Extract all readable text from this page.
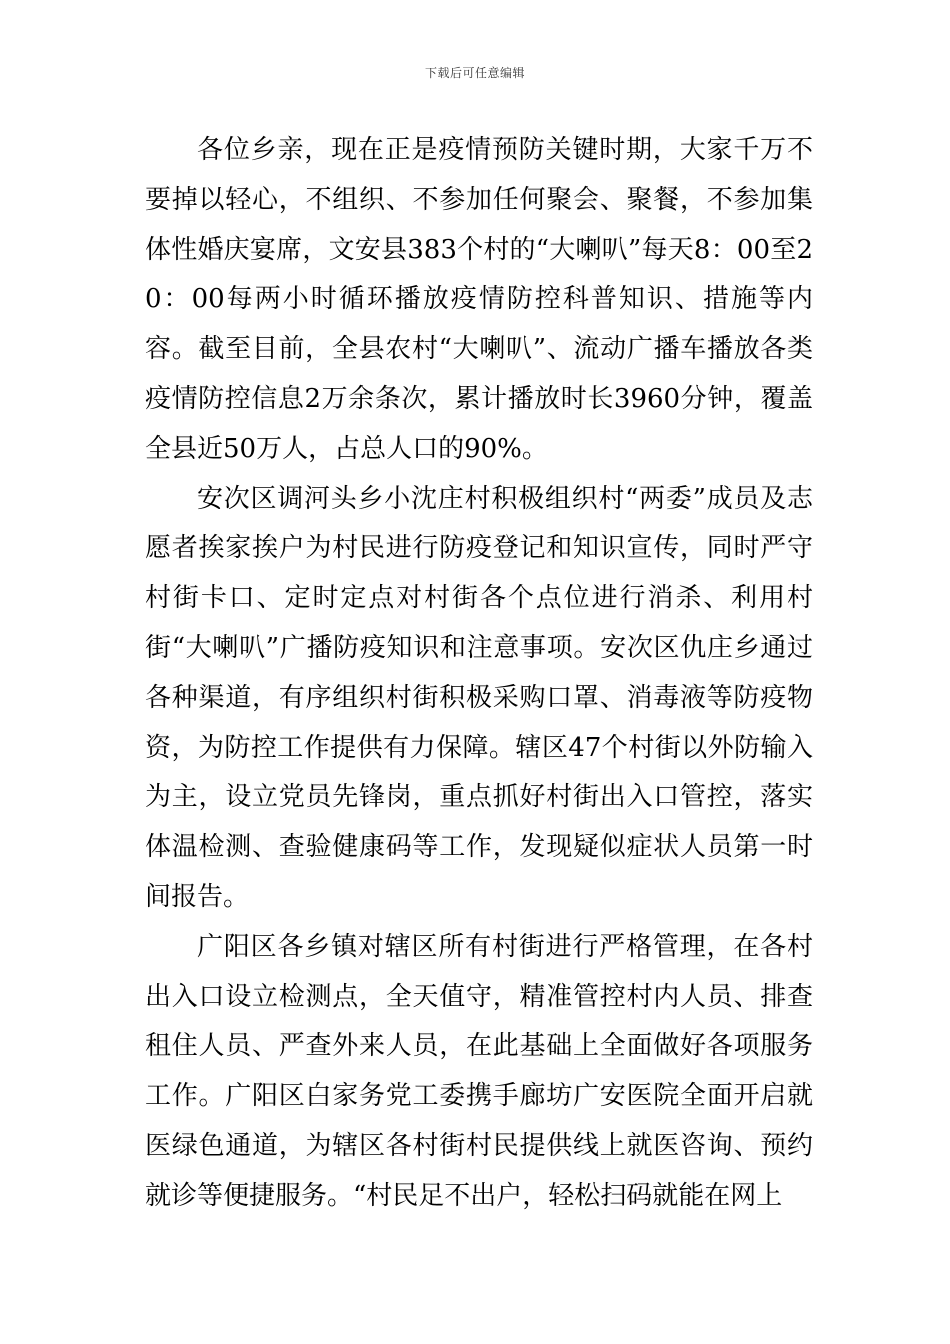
下载后可任意编辑

各位乡亲，现在正是疫情预防关键时期，大家千万不要掉以轻心，不组织、不参加任何聚会、聚餐，不参加集体性婚庆宴席，文安县383个村的“大喇叭”每天8：00至20：00每两小时循环播放疫情防控科普知识、措施等内容。截至目前，全县农村“大喇叭”、流动广播车播放各类疫情防控信息2万余条次，累计播放时长3960分钟，覆盖全县近50万人，占总人口的90%。

安次区调河头乡小沈庄村积极组织村“两委”成员及志愿者挨家挨户为村民进行防疫登记和知识宣传，同时严守村街卡口、定时定点对村街各个点位进行消杀、利用村街“大喇叭”广播防疫知识和注意事项。安次区仇庄乡通过各种渠道，有序组织村街积极采购口罩、消毒液等防疫物资，为防控工作提供有力保障。辖区47个村街以外防输入为主，设立党员先锋岗，重点抓好村街出入口管控，落实体温检测、查验健康码等工作，发现疑似症状人员第一时间报告。

广阳区各乡镇对辖区所有村街进行严格管理，在各村出入口设立检测点，全天值守，精准管控村内人员、排查租住人员、严查外来人员，在此基础上全面做好各项服务工作。广阳区白家务党工委携手廊坊广安医院全面开启就医绿色通道，为辖区各村街村民提供线上就医咨询、预约就诊等便捷服务。“村民足不出户，轻松扫码就能在网上
